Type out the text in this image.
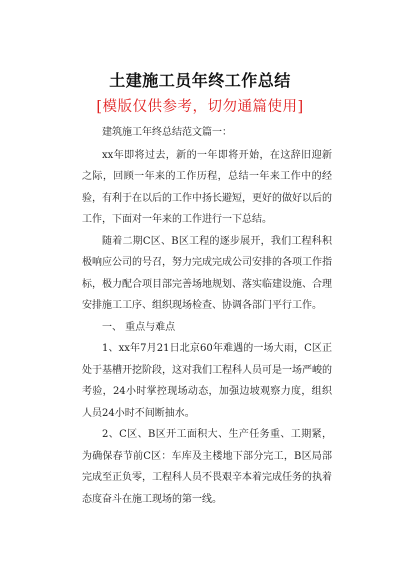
土建施工员年终工作总结
[模版仅供参考，切勿通篇使用]

建筑施工年终总结范文篇一：

xx年即将过去，新的一年即将开始，在这辞旧迎新之际，回顾一年来的工作历程，总结一年来工作中的经验，有利于在以后的工作中扬长避短，更好的做好以后的工作，下面对一年来的工作进行一下总结。

随着二期C区、B区工程的逐步展开，我们工程科积极响应公司的号召，努力完成完成公司安排的各项工作指标，极力配合项目部完善场地规划、落实临建设施、合理安排施工工序、组织现场检查、协调各部门平行工作。

一、 重点与难点

1、xx年7月21日北京60年难遇的一场大雨，C区正处于基槽开挖阶段，这对我们工程科人员可是一场严峻的考验，24小时掌控现场动态，加强边坡观察力度，组织人员24小时不间断抽水。

2、C区、B区开工面积大、生产任务重、工期紧，为确保春节前C区：车库及主楼地下部分完工，B区局部完成至正负零，工程科人员不畏艰辛本着完成任务的执着态度奋斗在施工现场的第一线。
